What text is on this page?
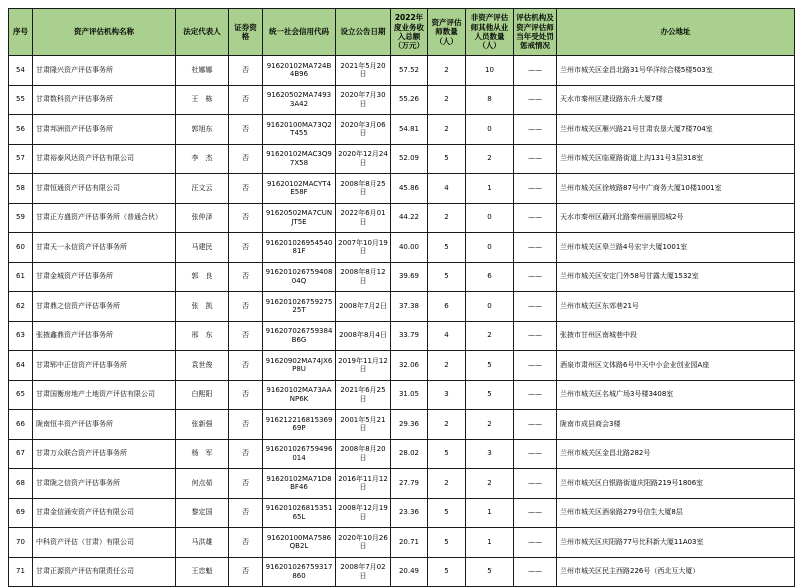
序号	资产评估机构名称	法定代表人	证券资格	统一社会信用代码	设立公告日期	2022年度业务收入总额（万元）	资产评估师数量（人）	非资产评估师其他从业人员数量（人）	评估机构及资产评估师当年受处罚惩戒情况	办公地址
54	甘肃隆兴资产评估事务所	杜娜娜	否	91620102MA724B4B96	2021年5月20日	57.52	2	10	——	兰州市城关区金昌北路31号华洋综合楼5楼503室
55	甘肃数科资产评估事务所	王　栋	否	91620502MA74933A42	2020年7月30日	55.26	2	8	——	天水市秦州区建设路东升大厦7楼
56	甘肃邦洲资产评估事务所	郭旭东	否	91620100MA73Q2T455	2020年3月06日	54.81	2	0	——	兰州市城关区雁兴路21号甘肃农垦大厦7楼704室
57	甘肃裕泰风达资产评估有限公司	李　杰	否	91620102MAC3Q97X58	2020年12月24日	52.09	5	2	——	兰州市城关区临夏路街道上沟131号3层318室
58	甘肃恒通资产评估有限公司	汪文云	否	91620102MACYT4E58F	2008年8月25日	45.86	4	1	——	兰州市城关区徐坡路87号中广商务大厦10楼1001室
59	甘肃正方盛资产评估事务所（普通合伙）	张仲泽	否	91620502MA7CUNJT5E	2022年6月01日	44.22	2	0	——	天水市秦州区藉河北路秦州丽景园城2号
60	甘肃天一永信资产评估事务所	马建民	否	91620102695454081F	2007年10月19日	40.00	5	0	——	兰州市城关区皋兰路4号宏宇大厦1001室
61	甘肃金城资产评估事务所	郭　良	否	91620102675940804Q	2008年8月12日	39.69	5	6	——	兰州市城关区安定门外58号甘露大厦1532室
62	甘肃鼎之信资产评估事务所	张　凯	否	91620102675927525T	2008年7月2日	37.38	6	0	——	兰州市城关区东郊巷21号
63	张掖鑫鼎资产评估事务所	邢　东	否	916207026759384B6G	2008年8月4日	33.79	4	2	——	张掖市甘州区南城巷中段
64	甘肃郓中正信资产评估事务所	袁世俊	否	91620902MA74JX6P8U	2019年11月12日	32.06	2	5	——	酒泉市肃州区文体路6号中天中小企业创业园A座
65	甘肃国衡房地产土地资产评估有限公司	白熙阳	否	91620102MA73AANP6K	2021年6月25日	31.05	3	5	——	兰州市城关区名城广场3号楼3408室
66	陇南恒丰资产评估事务所	张新强	否	91621221681536969P	2001年5月21日	29.36	2	2	——	陇南市成县商会3楼
67	甘肃万众联合资产评估事务所	杨　军	否	916201026759496014	2008年8月20日	28.02	5	3	——	兰州市城关区金昌北路282号
68	甘肃陇之信资产评估事务所	何点茹	否	91620102MA71D8BF46	2016年11月12日	27.79	2	2	——	兰州市城关区白银路街道庆阳路219号1806室
69	甘肃金信涌安资产评估有限公司	黎定国	否	91620102681535165L	2008年12月19日	23.36	5	1	——	兰州市城关区酒泉路279号信生大厦8层
70	中科资产评估（甘肃）有限公司	马洪雄	否	91620100MA7586QB2L	2020年10月26日	20.71	5	1	——	兰州市城关区庆阳路77号比科新大厦11A03室
71	甘肃正源资产评估有限责任公司	王忠魁	否	916201026759317860	2008年7月02日	20.49	5	5	——	兰州市城关区民主西路226号（西北互大厦）
